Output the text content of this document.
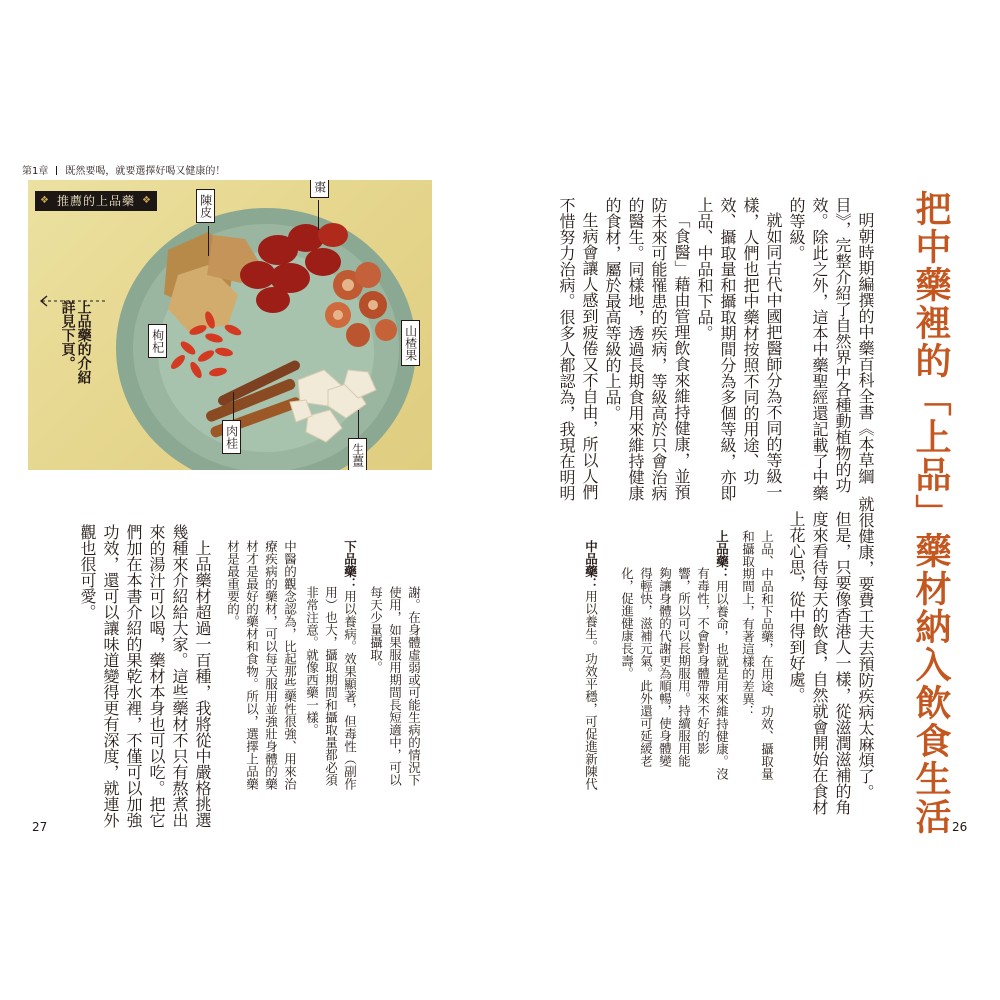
第1章 既然要喝，就要選擇好喝又健康的！
❖ 推薦的上品藥 ❖	陳皮
棗
枸杞	山楂果
肉桂
生薑
上品藥的介紹
詳見下頁。	把中藥裡的「上品」藥材納入飲食生活
明朝時期編撰的中藥百科全書《本草綱
目》，完整介紹了自然界中各種動植物的功
效。除此之外，這本中藥聖經還記載了中藥
的等級。
就如同古代中國把醫師分為不同的等級一
樣，人們也把中藥材按照不同的用途、功
效、攝取量和攝取期間分為多個等級，亦即
上品、中品和下品。
「食醫」藉由管理飲食來維持健康，並預
防未來可能罹患的疾病，等級高於只會治病
的醫生。同樣地，透過長期食用來維持健康
的食材，屬於最高等級的上品。
生病會讓人感到疲倦又不自由，所以人們
不惜努力治病。很多人都認為，我現在明明
就很健康，要費工夫去預防疾病太麻煩了。
但是，只要像香港人一樣，從滋潤滋補的角
度來看待每天的飲食，自然就會開始在食材
上花心思，從中得到好處。
上品、中品和下品藥，在用途、功效、攝取量
和攝取期間上，有著這樣的差異：
上品藥：用以養命，也就是用來維持健康。沒
有毒性，不會對身體帶來不好的影
響，所以可以長期服用。持續服用能
夠讓身體的代謝更為順暢，使身體變
得輕快，滋補元氣。此外還可延緩老
化，促進健康長壽。
中品藥：用以養生。功效平穩，可促進新陳代
謝。在身體虛弱或可能生病的情況下
使用，如果服用期間長短適中，可以
每天少量攝取。
下品藥：用以養病。效果顯著，但毒性（副作
用）也大，攝取期間和攝取量都必須
非常注意。就像西藥一樣。
中醫的觀念認為，比起那些藥性很強、用來治
療疾病的藥材，可以每天服用並強壯身體的藥
材才是最好的藥材和食物。所以，選擇上品藥
材是最重要的。
上品藥材超過一百種，我將從中嚴格挑選
幾種來介紹給大家。這些藥材不只有熬煮出
來的湯汁可以喝，藥材本身也可以吃。把它
們加在本書介紹的果乾水裡，不僅可以加強
功效，還可以讓味道變得更有深度，就連外
觀也很可愛。
27	26
